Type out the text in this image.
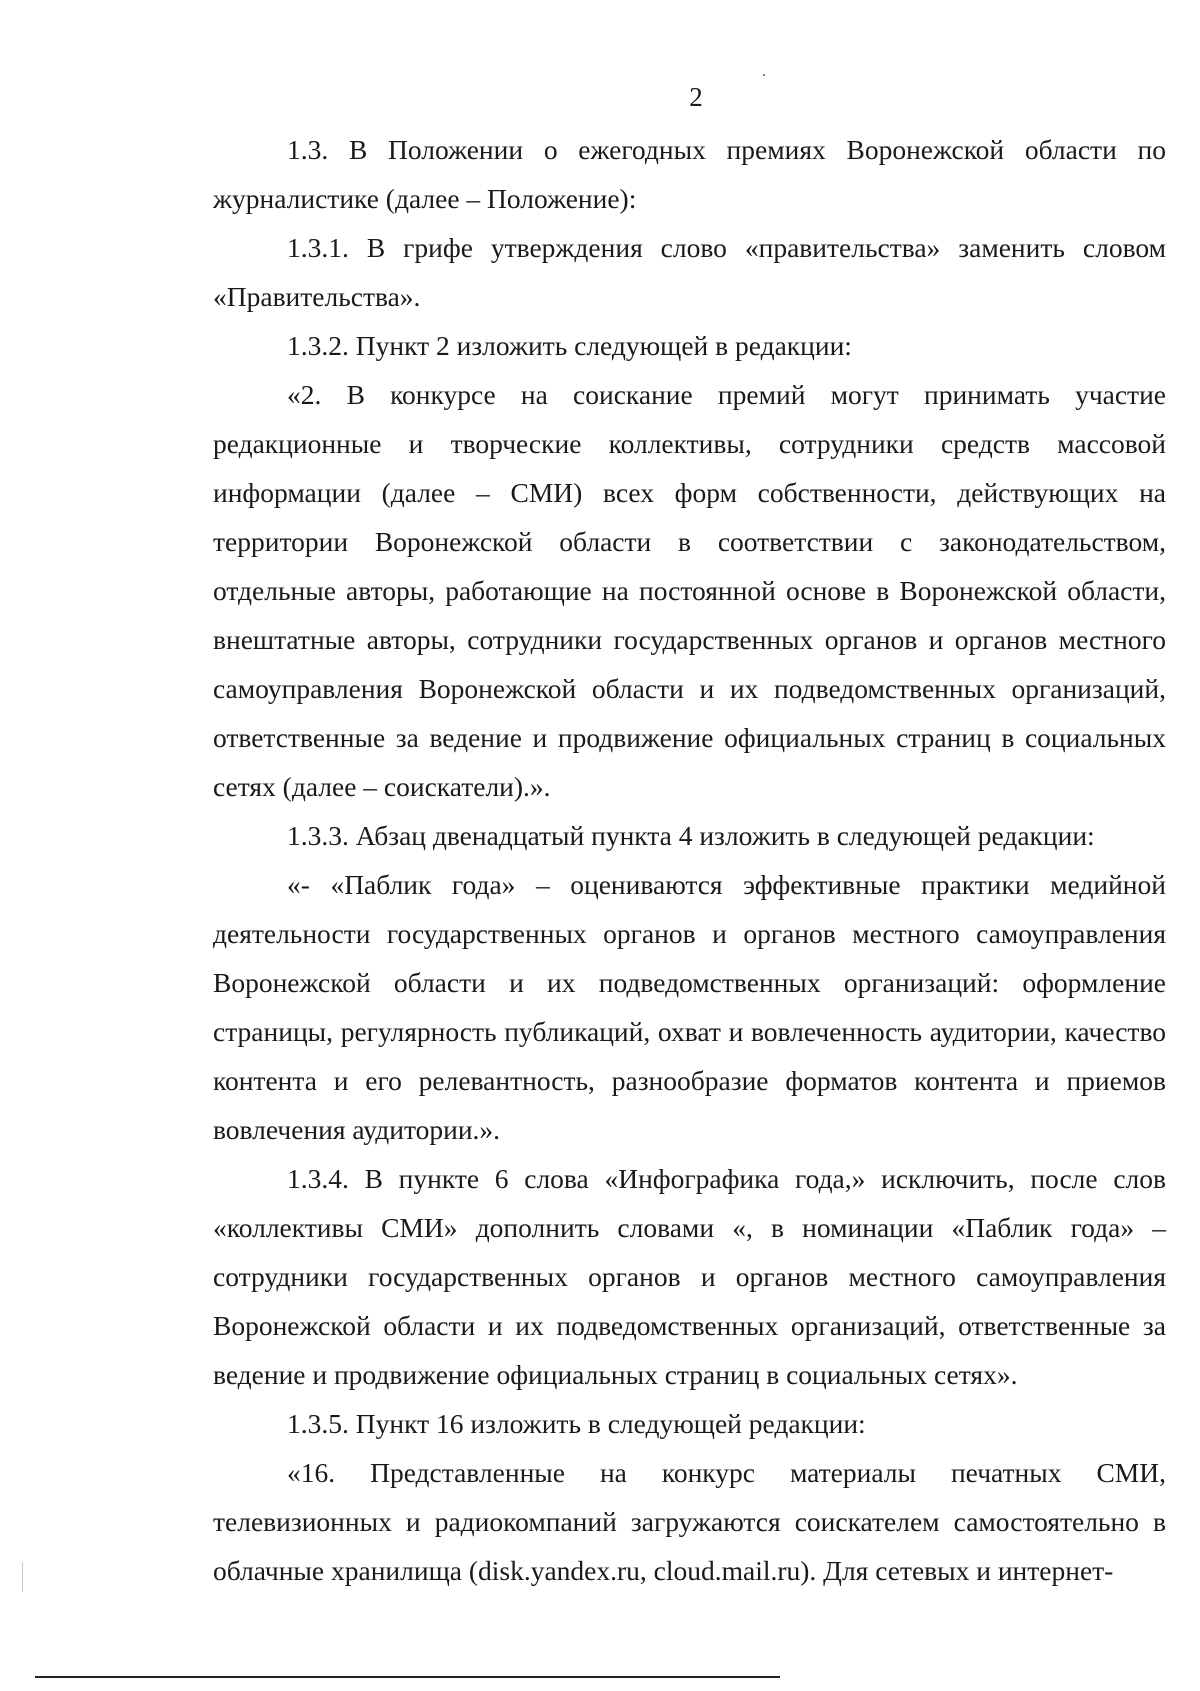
2

1.3. В Положении о ежегодных премиях Воронежской области по журналистике (далее – Положение):

1.3.1. В грифе утверждения слово «правительства» заменить словом «Правительства».

1.3.2. Пункт 2 изложить следующей в редакции:

«2. В конкурсе на соискание премий могут принимать участие редакционные и творческие коллективы, сотрудники средств массовой информации (далее – СМИ) всех форм собственности, действующих на территории Воронежской области в соответствии с законодательством, отдельные авторы, работающие на постоянной основе в Воронежской области, внештатные авторы, сотрудники государственных органов и органов местного самоуправления Воронежской области и их подведомственных организаций, ответственные за ведение и продвижение официальных страниц в социальных сетях (далее – соискатели).».

1.3.3. Абзац двенадцатый пункта 4 изложить в следующей редакции:

«- «Паблик года» – оцениваются эффективные практики медийной деятельности государственных органов и органов местного самоуправления Воронежской области и их подведомственных организаций: оформление страницы, регулярность публикаций, охват и вовлеченность аудитории, качество контента и его релевантность, разнообразие форматов контента и приемов вовлечения аудитории.».

1.3.4. В пункте 6 слова «Инфографика года,» исключить, после слов «коллективы СМИ» дополнить словами «, в номинации «Паблик года» – сотрудники государственных органов и органов местного самоуправления Воронежской области и их подведомственных организаций, ответственные за ведение и продвижение официальных страниц в социальных сетях».

1.3.5. Пункт 16 изложить в следующей редакции:

«16. Представленные на конкурс материалы печатных СМИ, телевизионных и радиокомпаний загружаются соискателем самостоятельно в облачные хранилища (disk.yandex.ru, cloud.mail.ru). Для сетевых и интернет-
